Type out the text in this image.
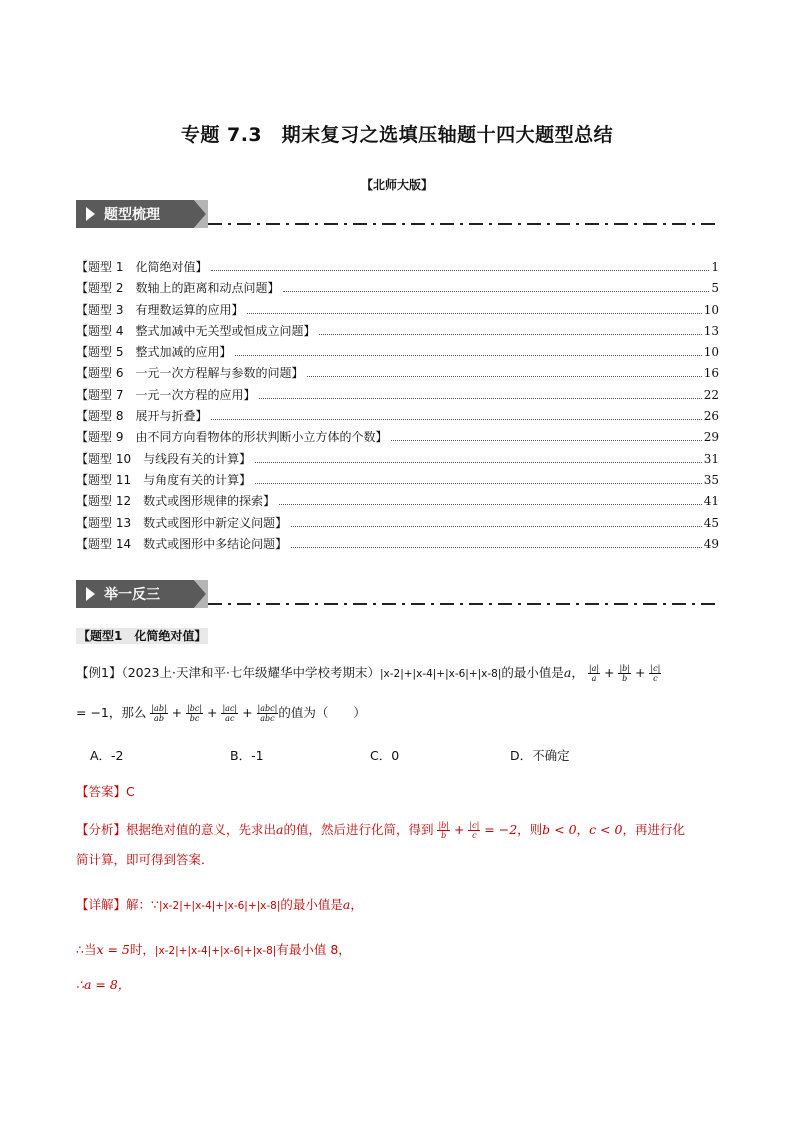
专题 7.3　期末复习之选填压轴题十四大题型总结
【北师大版】
题型梳理
【题型 1　化简绝对值】	1
【题型 2　数轴上的距离和动点问题】	5
【题型 3　有理数运算的应用】	10
【题型 4　整式加减中无关型或恒成立问题】	13
【题型 5　整式加减的应用】	10
【题型 6　一元一次方程解与参数的问题】	16
【题型 7　一元一次方程的应用】	22
【题型 8　展开与折叠】	26
【题型 9　由不同方向看物体的形状判断小立方体的个数】	29
【题型 10　与线段有关的计算】	31
【题型 11　与角度有关的计算】	35
【题型 12　数式或图形规律的探索】	41
【题型 13　数式或图形中新定义问题】	45
【题型 14　数式或图形中多结论问题】	49
举一反三
【题型1　化简绝对值】
【例1】（2023上·天津和平·七年级耀华中学校考期末）|x-2|+|x-4|+|x-6|+|x-8|的最小值是a， $\frac{|a|}{a} + \frac{|b|}{b} + \frac{|c|}{c}$
= −1，那么 $\frac{|ab|}{ab} + \frac{|bc|}{bc} + \frac{|ac|}{ac} + \frac{\text{|abc|}}{\text{abc}}$ 的值为（　　）
A．-2	B．-1	C．0	D．不确定
【答案】C
【分析】根据绝对值的意义，先求出a的值，然后进行化简，得到 $\frac{|b|}{b} + \frac{|c|}{c} = -2$，则b < 0，c < 0，再进行化
简计算，即可得到答案．
【详解】解：∵|x-2|+|x-4|+|x-6|+|x-8|的最小值是a，
∴当x = 5时，|x-2|+|x-4|+|x-6|+|x-8|有最小值 8，
∴a = 8，
